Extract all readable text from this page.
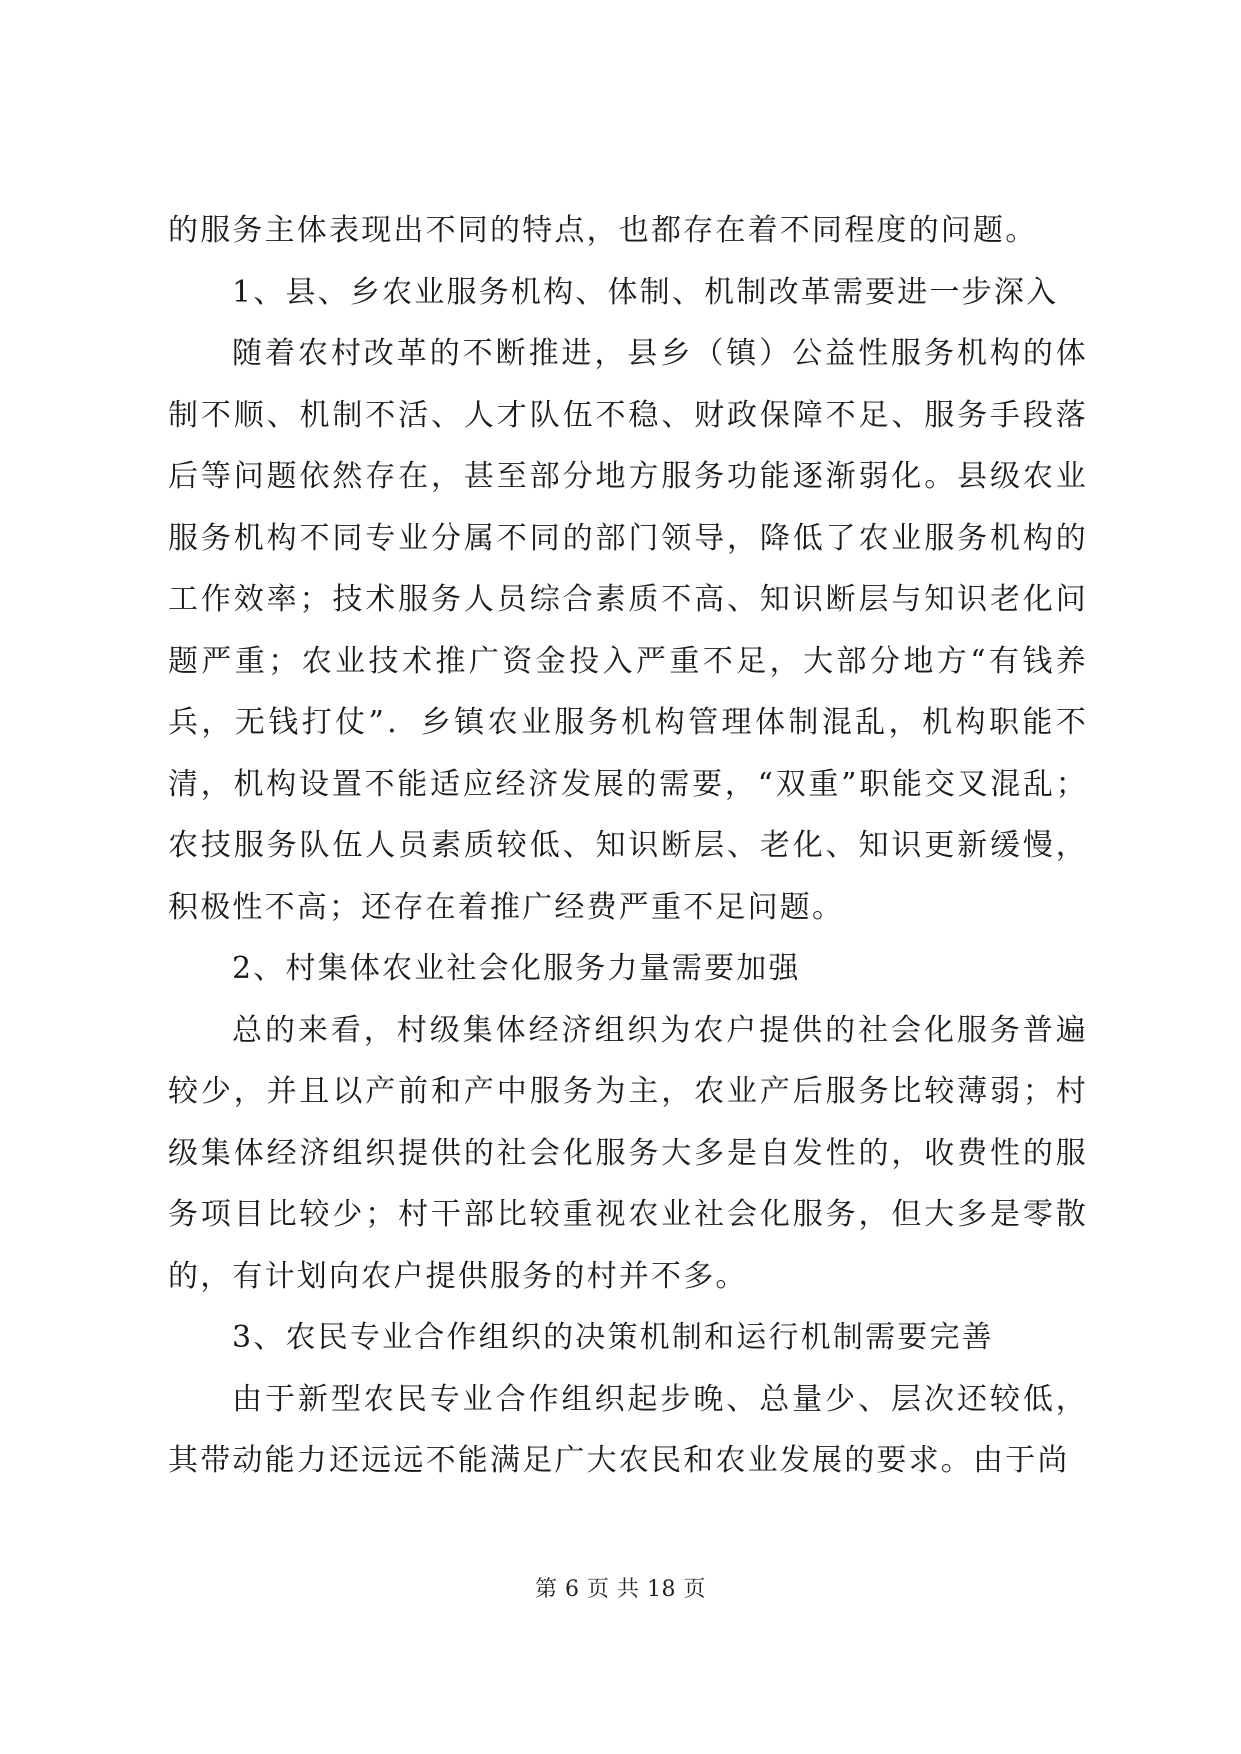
的服务主体表现出不同的特点，也都存在着不同程度的问题。

1、县、乡农业服务机构、体制、机制改革需要进一步深入

随着农村改革的不断推进，县乡（镇）公益性服务机构的体制不顺、机制不活、人才队伍不稳、财政保障不足、服务手段落后等问题依然存在，甚至部分地方服务功能逐渐弱化。县级农业服务机构不同专业分属不同的部门领导，降低了农业服务机构的工作效率；技术服务人员综合素质不高、知识断层与知识老化问题严重；农业技术推广资金投入严重不足，大部分地方“有钱养兵，无钱打仗”．乡镇农业服务机构管理体制混乱，机构职能不清，机构设置不能适应经济发展的需要，“双重”职能交叉混乱；农技服务队伍人员素质较低、知识断层、老化、知识更新缓慢，积极性不高；还存在着推广经费严重不足问题。

2、村集体农业社会化服务力量需要加强

总的来看，村级集体经济组织为农户提供的社会化服务普遍较少，并且以产前和产中服务为主，农业产后服务比较薄弱；村级集体经济组织提供的社会化服务大多是自发性的，收费性的服务项目比较少；村干部比较重视农业社会化服务，但大多是零散的，有计划向农户提供服务的村并不多。

3、农民专业合作组织的决策机制和运行机制需要完善

由于新型农民专业合作组织起步晚、总量少、层次还较低，其带动能力还远远不能满足广大农民和农业发展的要求。由于尚

第 6 页 共 18 页
